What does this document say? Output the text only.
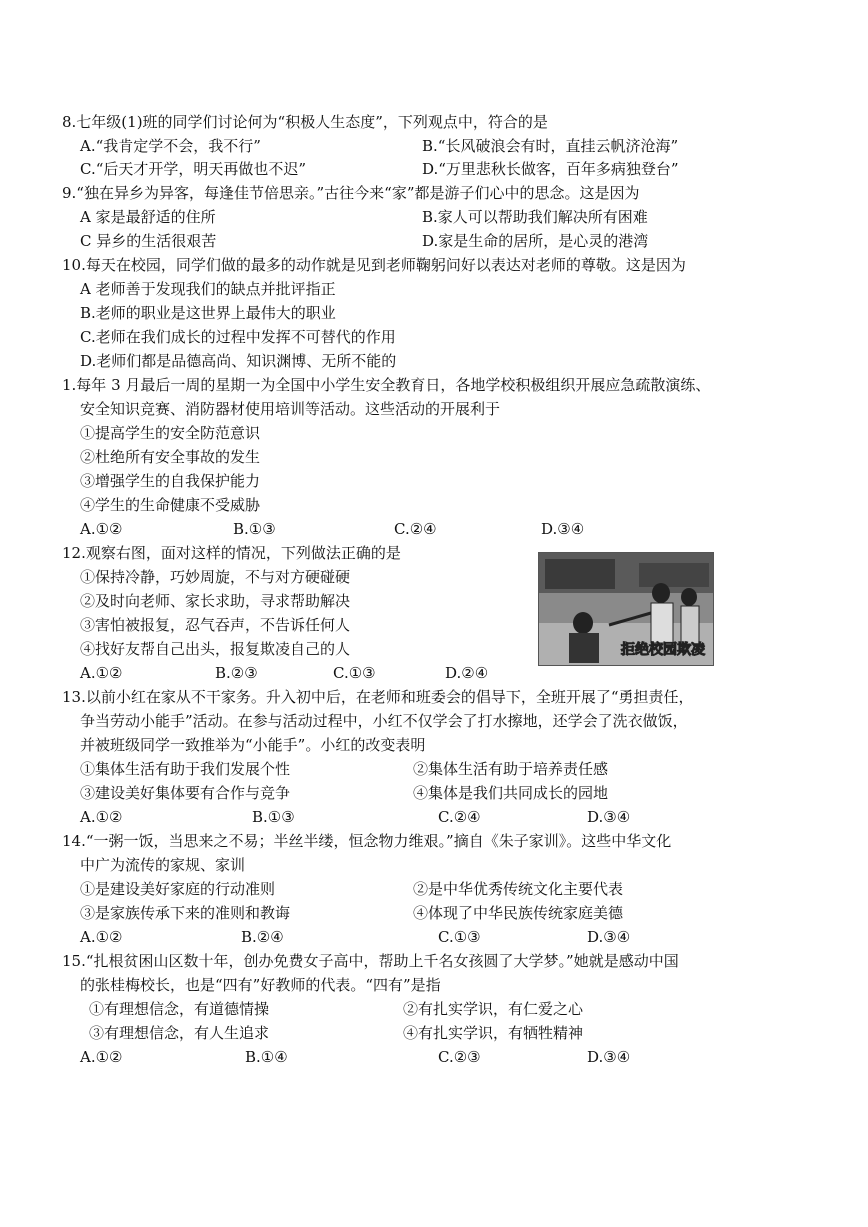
8.七年级(1)班的同学们讨论何为“积极人生态度”，下列观点中，符合的是
A.“我肯定学不会，我不行”	B.“长风破浪会有时，直挂云帆济沧海”
C.“后天才开学，明天再做也不迟”	D.“万里悲秋长做客，百年多病独登台”
9.“独在异乡为异客，每逢佳节倍思亲。”古往今来“家”都是游子们心中的思念。这是因为
A 家是最舒适的住所	B.家人可以帮助我们解决所有困难
C 异乡的生活很艰苦	D.家是生命的居所，是心灵的港湾
10.每天在校园，同学们做的最多的动作就是见到老师鞠躬问好以表达对老师的尊敬。这是因为
A 老师善于发现我们的缺点并批评指正
B.老师的职业是这世界上最伟大的职业
C.老师在我们成长的过程中发挥不可替代的作用
D.老师们都是品德高尚、知识渊博、无所不能的
1.每年 3 月最后一周的星期一为全国中小学生安全教育日，各地学校积极组织开展应急疏散演练、
安全知识竞赛、消防器材使用培训等活动。这些活动的开展利于
①提高学生的安全防范意识
②杜绝所有安全事故的发生
③增强学生的自我保护能力
④学生的生命健康不受威胁
A.①②	B.①③	C.②④	D.③④
12.观察右图，面对这样的情况，下列做法正确的是
①保持冷静，巧妙周旋，不与对方硬碰硬
②及时向老师、家长求助，寻求帮助解决
③害怕被报复，忍气吞声，不告诉任何人
④找好友帮自己出头，报复欺凌自己的人
A.①②	B.②③	C.①③	D.②④
13.以前小红在家从不干家务。升入初中后，在老师和班委会的倡导下，全班开展了“勇担责任，
争当劳动小能手”活动。在参与活动过程中，小红不仅学会了打水擦地，还学会了洗衣做饭，
并被班级同学一致推举为“小能手”。小红的改变表明
①集体生活有助于我们发展个性	②集体生活有助于培养责任感
③建设美好集体要有合作与竞争	④集体是我们共同成长的园地
A.①②	B.①③	C.②④	D.③④
14.“一粥一饭，当思来之不易；半丝半缕，恒念物力维艰。”摘自《朱子家训》。这些中华文化
中广为流传的家规、家训
①是建设美好家庭的行动准则	②是中华优秀传统文化主要代表
③是家族传承下来的准则和教诲	④体现了中华民族传统家庭美德
A.①②	B.②④	C.①③	D.③④
15.“扎根贫困山区数十年，创办免费女子高中，帮助上千名女孩圆了大学梦。”她就是感动中国
的张桂梅校长，也是“四有”好教师的代表。“四有”是指
①有理想信念，有道德情操	②有扎实学识，有仁爱之心
③有理想信念，有人生追求	④有扎实学识，有牺牲精神
A.①②	B.①④	C.②③	D.③④
拒绝校园欺凌
